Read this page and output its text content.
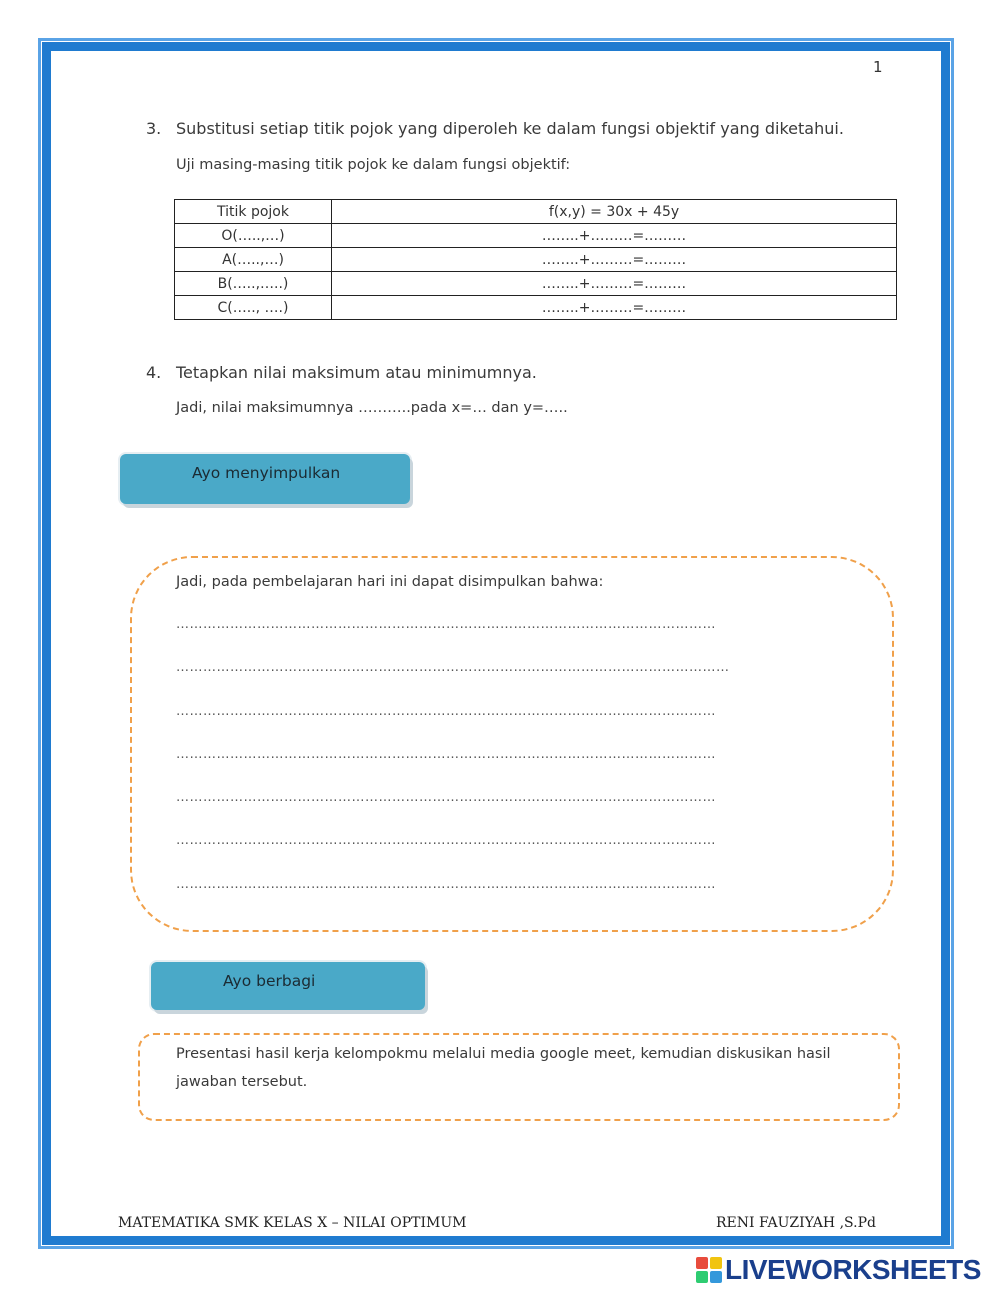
1
3. Substitusi setiap titik pojok yang diperoleh ke dalam fungsi objektif yang diketahui.
Uji masing-masing titik pojok ke dalam fungsi objektif:
Titik pojok	f(x,y) = 30x + 45y
O(…..,…)	……..+………=………
A(…..,…)	……..+………=………
B(…..,…..)	……..+………=………
C(….., ….)	……..+………=………
4. Tetapkan nilai maksimum atau minimumnya.
Jadi, nilai maksimumnya ………..pada x=… dan y=…..
Ayo menyimpulkan
Jadi, pada pembelajaran hari ini dapat disimpulkan bahwa:
…………………………………………………………………………………………………………
……………………………………………………………………………………………………………
…………………………………………………………………………………………………………
…………………………………………………………………………………………………………
…………………………………………………………………………………………………………
…………………………………………………………………………………………………………
…………………………………………………………………………………………………………
Ayo berbagi
Presentasi hasil kerja kelompokmu melalui media google meet, kemudian diskusikan hasil
jawaban tersebut.
MATEMATIKA SMK KELAS X – NILAI OPTIMUM	RENI FAUZIYAH ,S.Pd
LIVEWORKSHEETS
